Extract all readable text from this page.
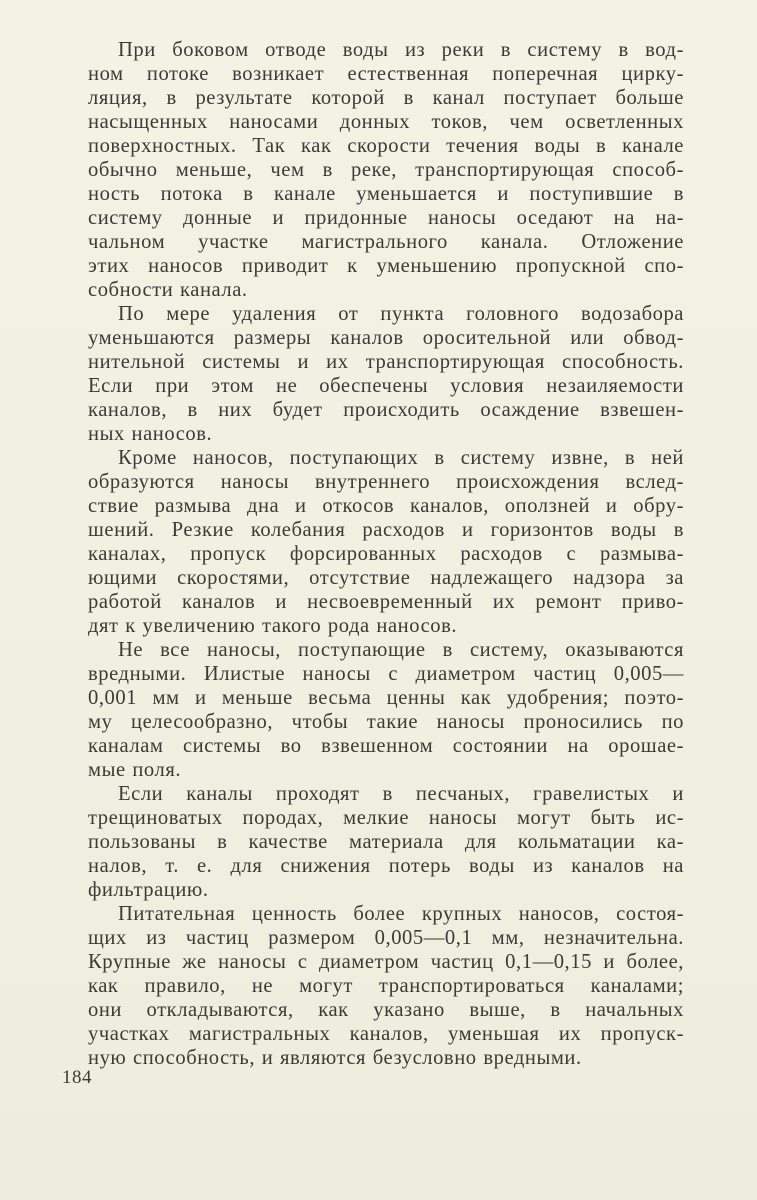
При боковом отводе воды из реки в систему в вод-
ном потоке возникает естественная поперечная цирку-
ляция, в результате которой в канал поступает больше
насыщенных наносами донных токов, чем осветленных
поверхностных. Так как скорости течения воды в канале
обычно меньше, чем в реке, транспортирующая способ-
ность потока в канале уменьшается и поступившие в
систему донные и придонные наносы оседают на на-
чальном участке магистрального канала. Отложение
этих наносов приводит к уменьшению пропускной спо-
собности канала.
По мере удаления от пункта головного водозабора
уменьшаются размеры каналов оросительной или обвод-
нительной системы и их транспортирующая способность.
Если при этом не обеспечены условия незаиляемости
каналов, в них будет происходить осаждение взвешен-
ных наносов.
Кроме наносов, поступающих в систему извне, в ней
образуются наносы внутреннего происхождения вслед-
ствие размыва дна и откосов каналов, оползней и обру-
шений. Резкие колебания расходов и горизонтов воды в
каналах, пропуск форсированных расходов с размыва-
ющими скоростями, отсутствие надлежащего надзора за
работой каналов и несвоевременный их ремонт приво-
дят к увеличению такого рода наносов.
Не все наносы, поступающие в систему, оказываются
вредными. Илистые наносы с диаметром частиц 0,005—
0,001 мм и меньше весьма ценны как удобрения; поэто-
му целесообразно, чтобы такие наносы проносились по
каналам системы во взвешенном состоянии на орошае-
мые поля.
Если каналы проходят в песчаных, гравелистых и
трещиноватых породах, мелкие наносы могут быть ис-
пользованы в качестве материала для кольматации ка-
налов, т. е. для снижения потерь воды из каналов на
фильтрацию.
Питательная ценность более крупных наносов, состоя-
щих из частиц размером 0,005—0,1 мм, незначительна.
Крупные же наносы с диаметром частиц 0,1—0,15 и более,
как правило, не могут транспортироваться каналами;
они откладываются, как указано выше, в начальных
участках магистральных каналов, уменьшая их пропуск-
ную способность, и являются безусловно вредными.
184
